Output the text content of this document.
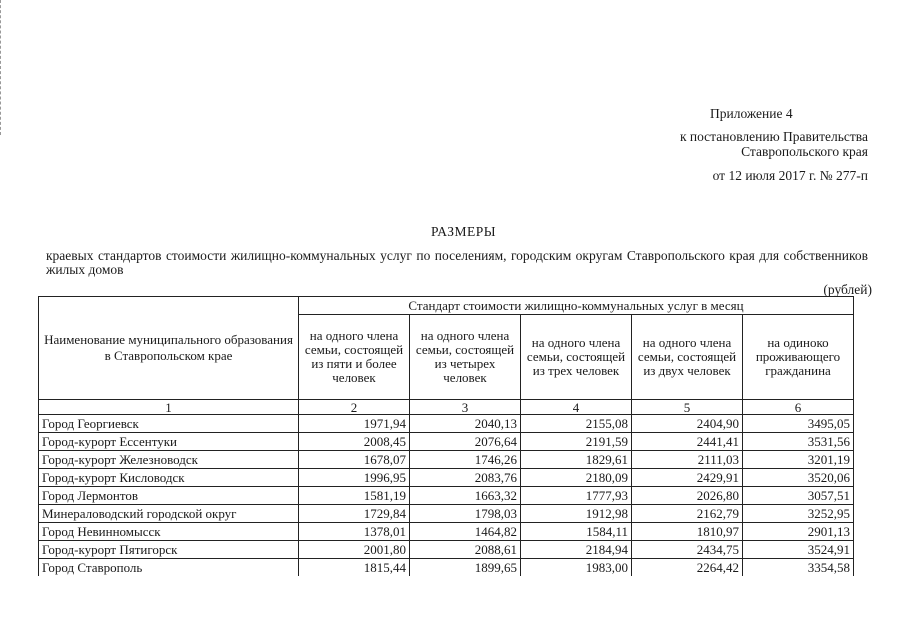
Приложение 4
к постановлению Правительства
Ставропольского края
от 12 июля 2017 г. № 277-п
РАЗМЕРЫ
краевых стандартов стоимости жилищно-коммунальных услуг по поселениям, городским округам Ставропольского края для собственников жилых домов
(рублей)
Наименование муниципального образования в Ставропольском крае	Стандарт стоимости жилищно-коммунальных услуг в месяц				
	на одного члена семьи, состоящей из пяти и более человек	на одного члена семьи, состоящей из четырех человек	на одного члена семьи, состоящей из трех человек	на одного члена семьи, состоящей из двух человек	на одиноко проживающего гражданина
1	2	3	4	5	6
Город Георгиевск	1971,94	2040,13	2155,08	2404,90	3495,05
Город-курорт Ессентуки	2008,45	2076,64	2191,59	2441,41	3531,56
Город-курорт Железноводск	1678,07	1746,26	1829,61	2111,03	3201,19
Город-курорт Кисловодск	1996,95	2083,76	2180,09	2429,91	3520,06
Город Лермонтов	1581,19	1663,32	1777,93	2026,80	3057,51
Минераловодский городской округ	1729,84	1798,03	1912,98	2162,79	3252,95
Город Невинномысск	1378,01	1464,82	1584,11	1810,97	2901,13
Город-курорт Пятигорск	2001,80	2088,61	2184,94	2434,75	3524,91
Город Ставрополь	1815,44	1899,65	1983,00	2264,42	3354,58
